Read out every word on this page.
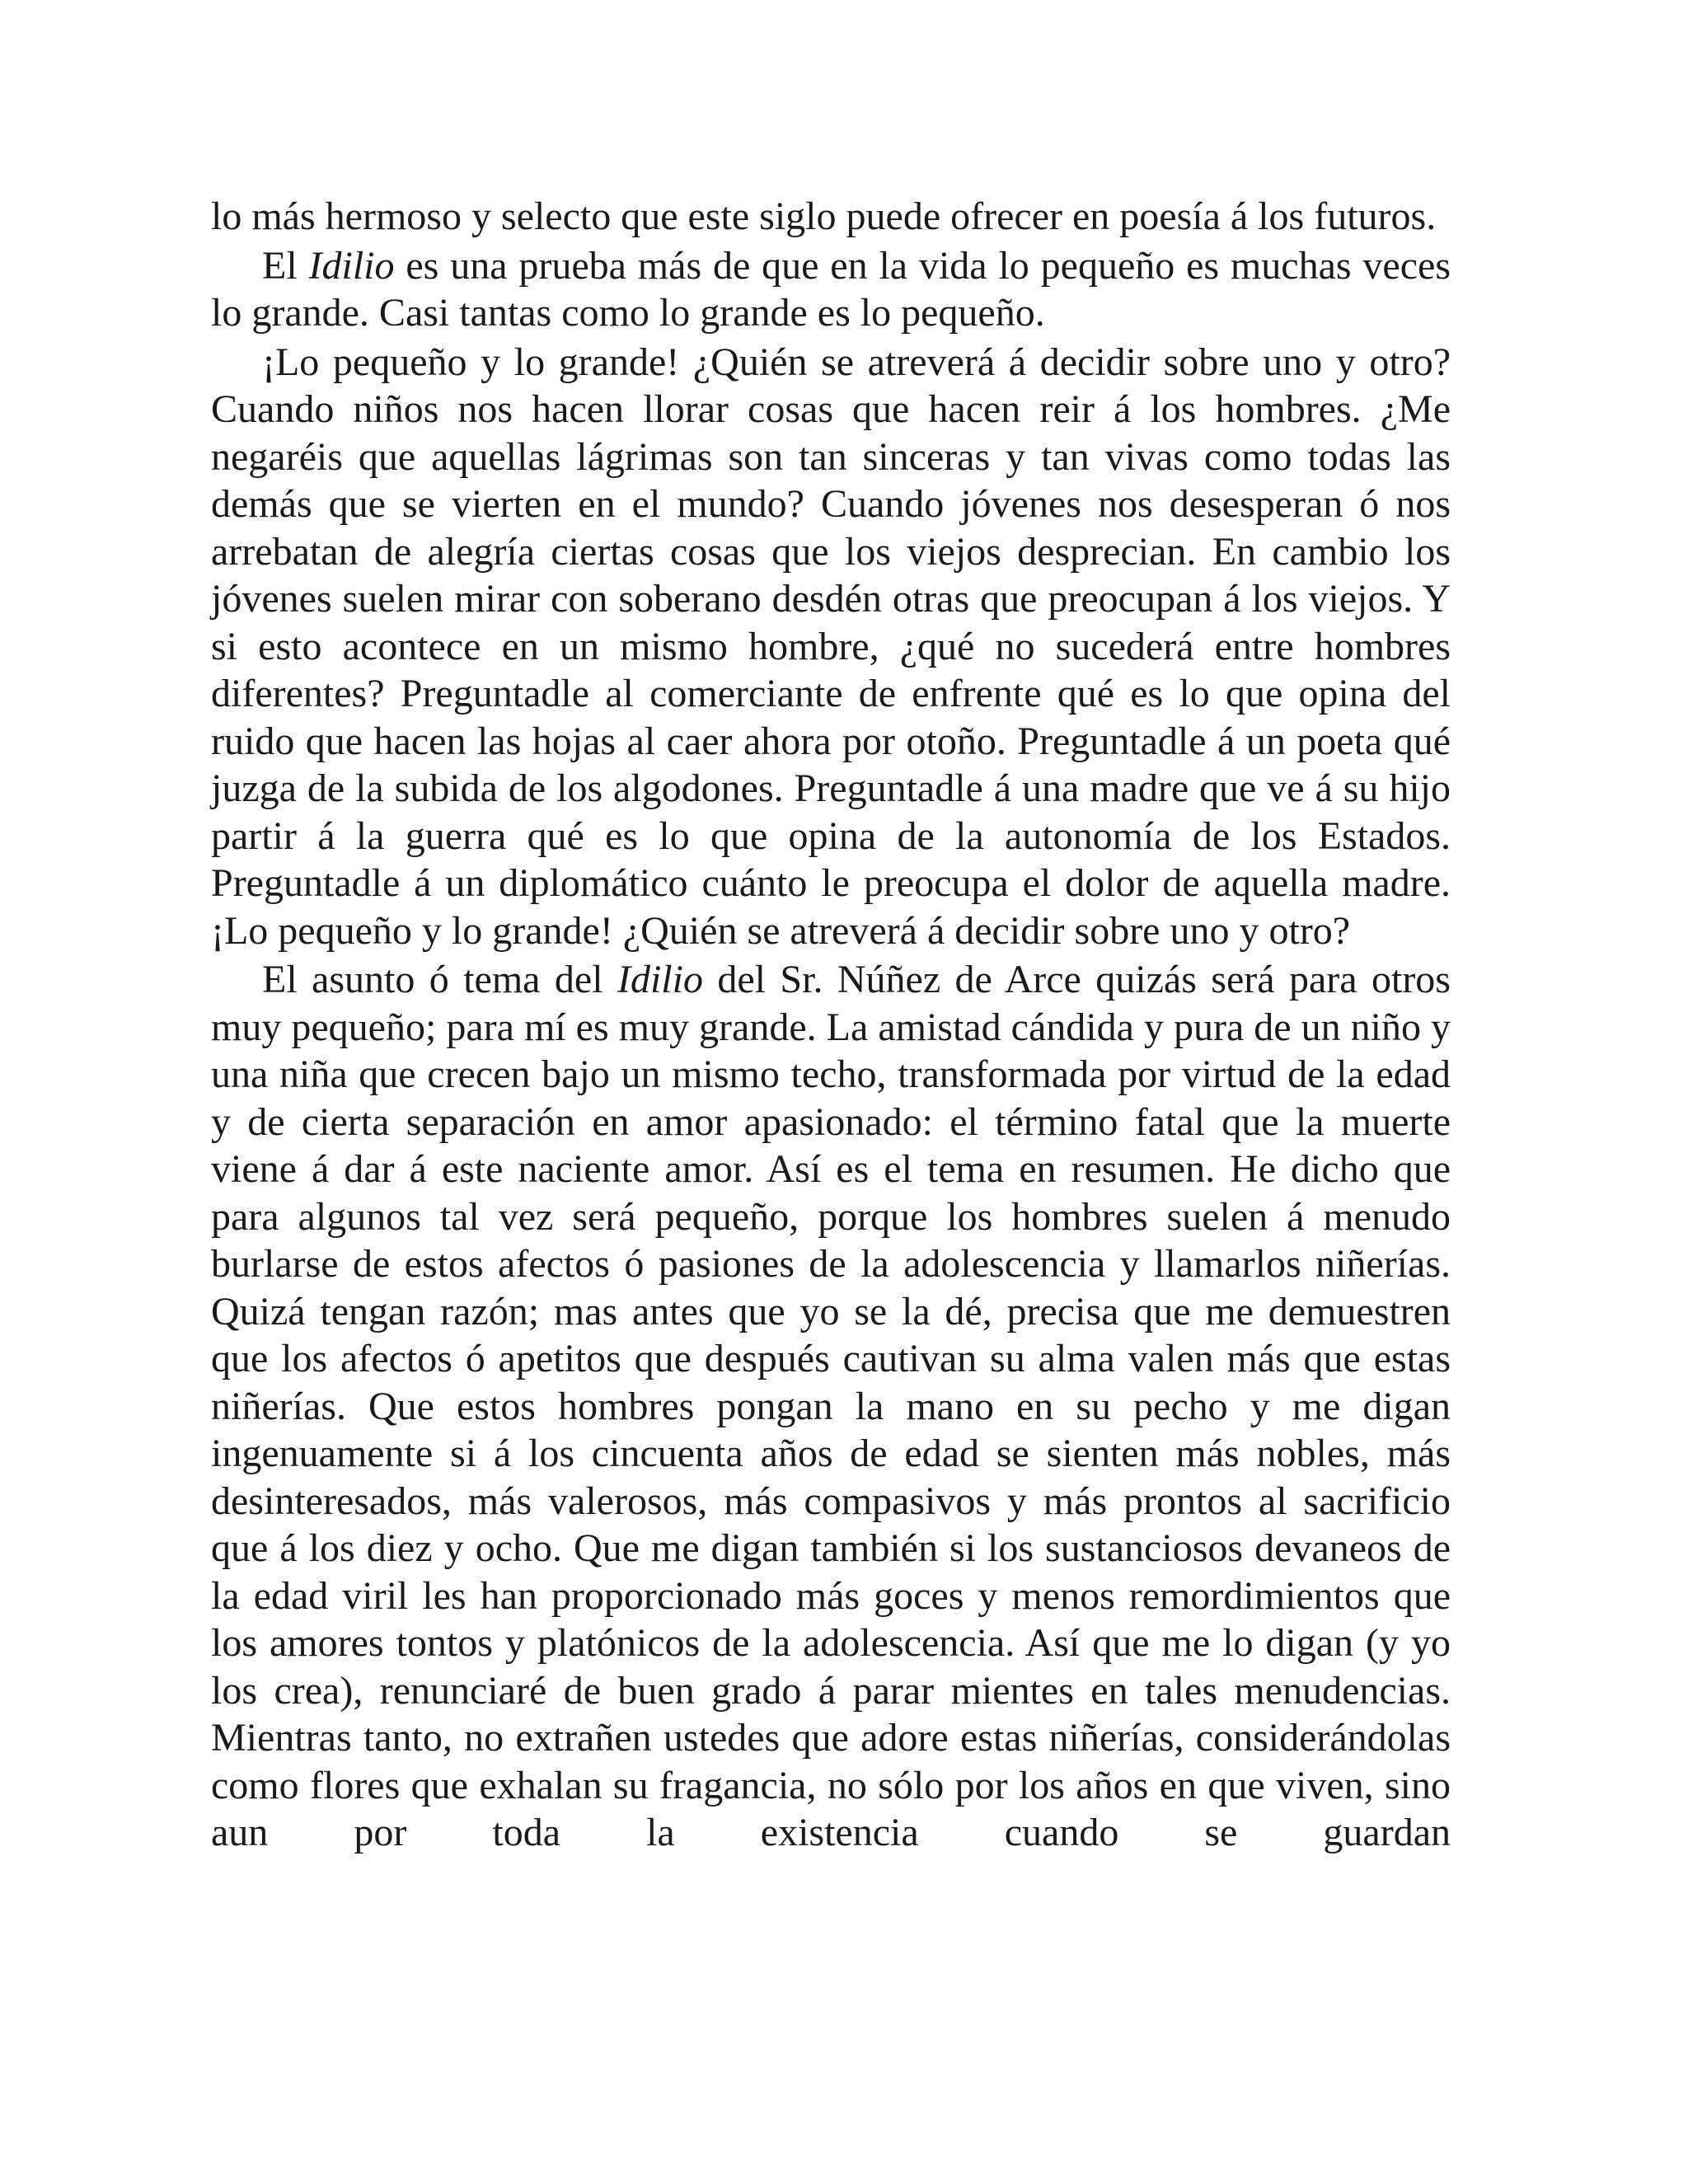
lo más hermoso y selecto que este siglo puede ofrecer en poesía á los futuros.

El Idilio es una prueba más de que en la vida lo pequeño es muchas veces lo grande. Casi tantas como lo grande es lo pequeño.

¡Lo pequeño y lo grande! ¿Quién se atreverá á decidir sobre uno y otro? Cuando niños nos hacen llorar cosas que hacen reir á los hombres. ¿Me negaréis que aquellas lágrimas son tan sinceras y tan vivas como todas las demás que se vierten en el mundo? Cuando jóvenes nos desesperan ó nos arrebatan de alegría ciertas cosas que los viejos desprecian. En cambio los jóvenes suelen mirar con soberano desdén otras que preocupan á los viejos. Y si esto acontece en un mismo hombre, ¿qué no sucederá entre hombres diferentes? Preguntadle al comerciante de enfrente qué es lo que opina del ruido que hacen las hojas al caer ahora por otoño. Preguntadle á un poeta qué juzga de la subida de los algodones. Preguntadle á una madre que ve á su hijo partir á la guerra qué es lo que opina de la autonomía de los Estados. Preguntadle á un diplomático cuánto le preocupa el dolor de aquella madre. ¡Lo pequeño y lo grande! ¿Quién se atreverá á decidir sobre uno y otro?

El asunto ó tema del Idilio del Sr. Núñez de Arce quizás será para otros muy pequeño; para mí es muy grande. La amistad cándida y pura de un niño y una niña que crecen bajo un mismo techo, transformada por virtud de la edad y de cierta separación en amor apasionado: el término fatal que la muerte viene á dar á este naciente amor. Así es el tema en resumen. He dicho que para algunos tal vez será pequeño, porque los hombres suelen á menudo burlarse de estos afectos ó pasiones de la adolescencia y llamarlos niñerías. Quizá tengan razón; mas antes que yo se la dé, precisa que me demuestren que los afectos ó apetitos que después cautivan su alma valen más que estas niñerías. Que estos hombres pongan la mano en su pecho y me digan ingenuamente si á los cincuenta años de edad se sienten más nobles, más desinteresados, más valerosos, más compasivos y más prontos al sacrificio que á los diez y ocho. Que me digan también si los sustanciosos devaneos de la edad viril les han proporcionado más goces y menos remordimientos que los amores tontos y platónicos de la adolescencia. Así que me lo digan (y yo los crea), renunciaré de buen grado á parar mientes en tales menudencias. Mientras tanto, no extrañen ustedes que adore estas niñerías, considerándolas como flores que exhalan su fragancia, no sólo por los años en que viven, sino aun por toda la existencia cuando se guardan
